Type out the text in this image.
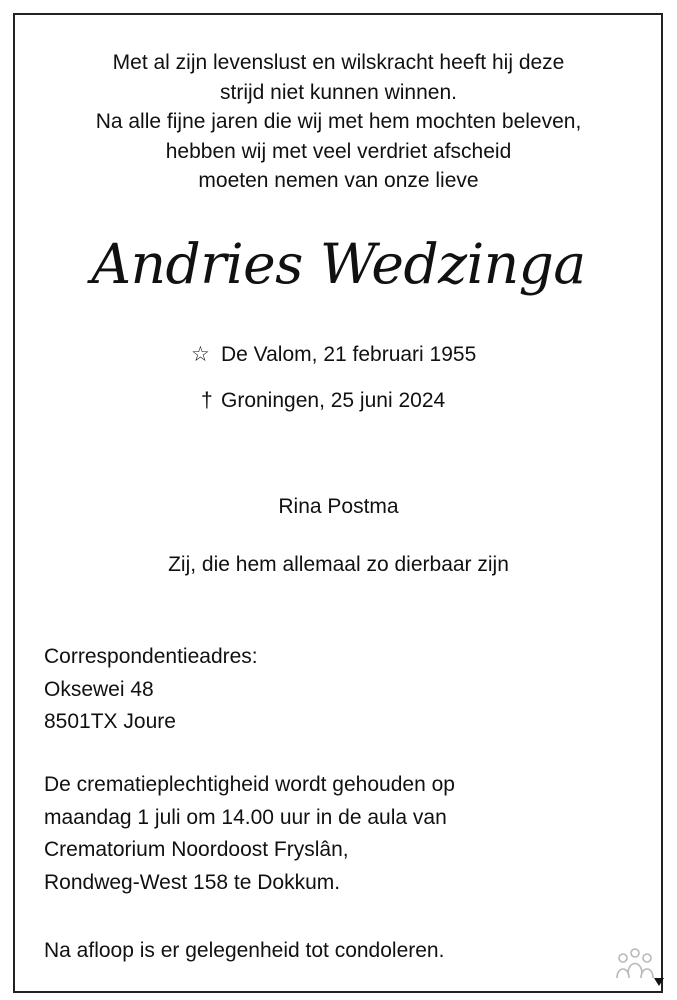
Met al zijn levenslust en wilskracht heeft hij deze
strijd niet kunnen winnen.
Na alle fijne jaren die wij met hem mochten beleven,
hebben wij met veel verdriet afscheid
moeten nemen van onze lieve
Andries Wedzinga
☆ De Valom, 21 februari 1955
† Groningen, 25 juni 2024
Rina Postma
Zij, die hem allemaal zo dierbaar zijn
Correspondentieadres:
Oksewei 48
8501TX Joure
De crematieplechtigheid wordt gehouden op
maandag 1 juli om 14.00 uur in de aula van
Crematorium Noordoost Fryslân,
Rondweg-West 158 te Dokkum.
Na afloop is er gelegenheid tot condoleren.
